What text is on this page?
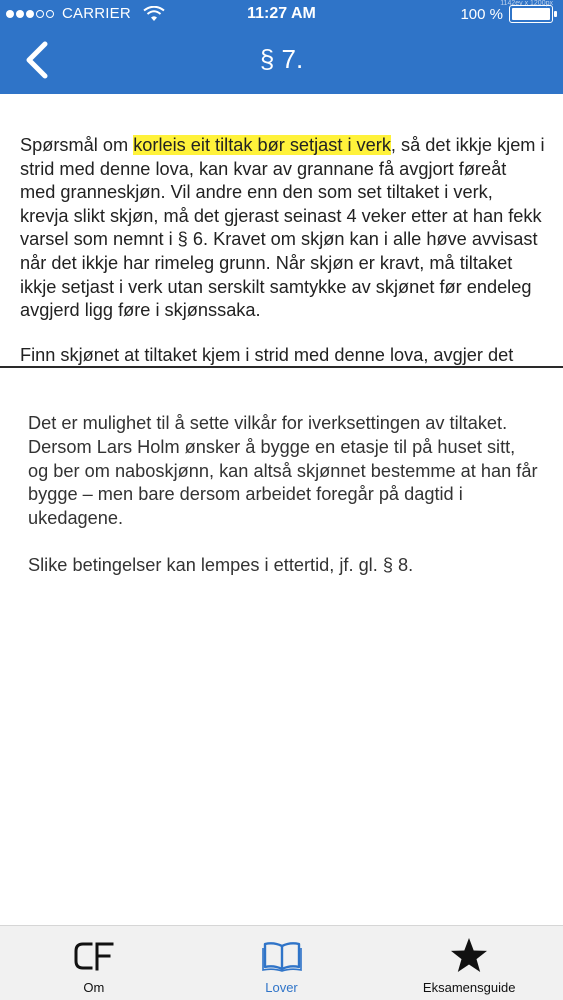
CARRIER	11:27 AM	100 %
1142ev x 1200px
§ 7.

Spørsmål om korleis eit tiltak bør setjast i verk, så det ikkje kjem i strid med denne lova, kan kvar av grannane få avgjort føreåt med granneskjøn. Vil andre enn den som set tiltaket i verk, krevja slikt skjøn, må det gjerast seinast 4 veker etter at han fekk varsel som nemnt i § 6. Kravet om skjøn kan i alle høve avvisast når det ikkje har rimeleg grunn. Når skjøn er kravt, må tiltaket ikkje setjast i verk utan serskilt samtykke av skjønet før endeleg avgjerd ligg føre i skjønssaka.

Finn skjønet at tiltaket kjem i strid med denne lova, avgjer det

Det er mulighet til å sette vilkår for iverksettingen av tiltaket. Dersom Lars Holm ønsker å bygge en etasje til på huset sitt, og ber om naboskjønn, kan altså skjønnet bestemme at han får bygge – men bare dersom arbeidet foregår på dagtid i ukedagene.

Slike betingelser kan lempes i ettertid, jf. gl. § 8.

Om	Lover	Eksamensguide
